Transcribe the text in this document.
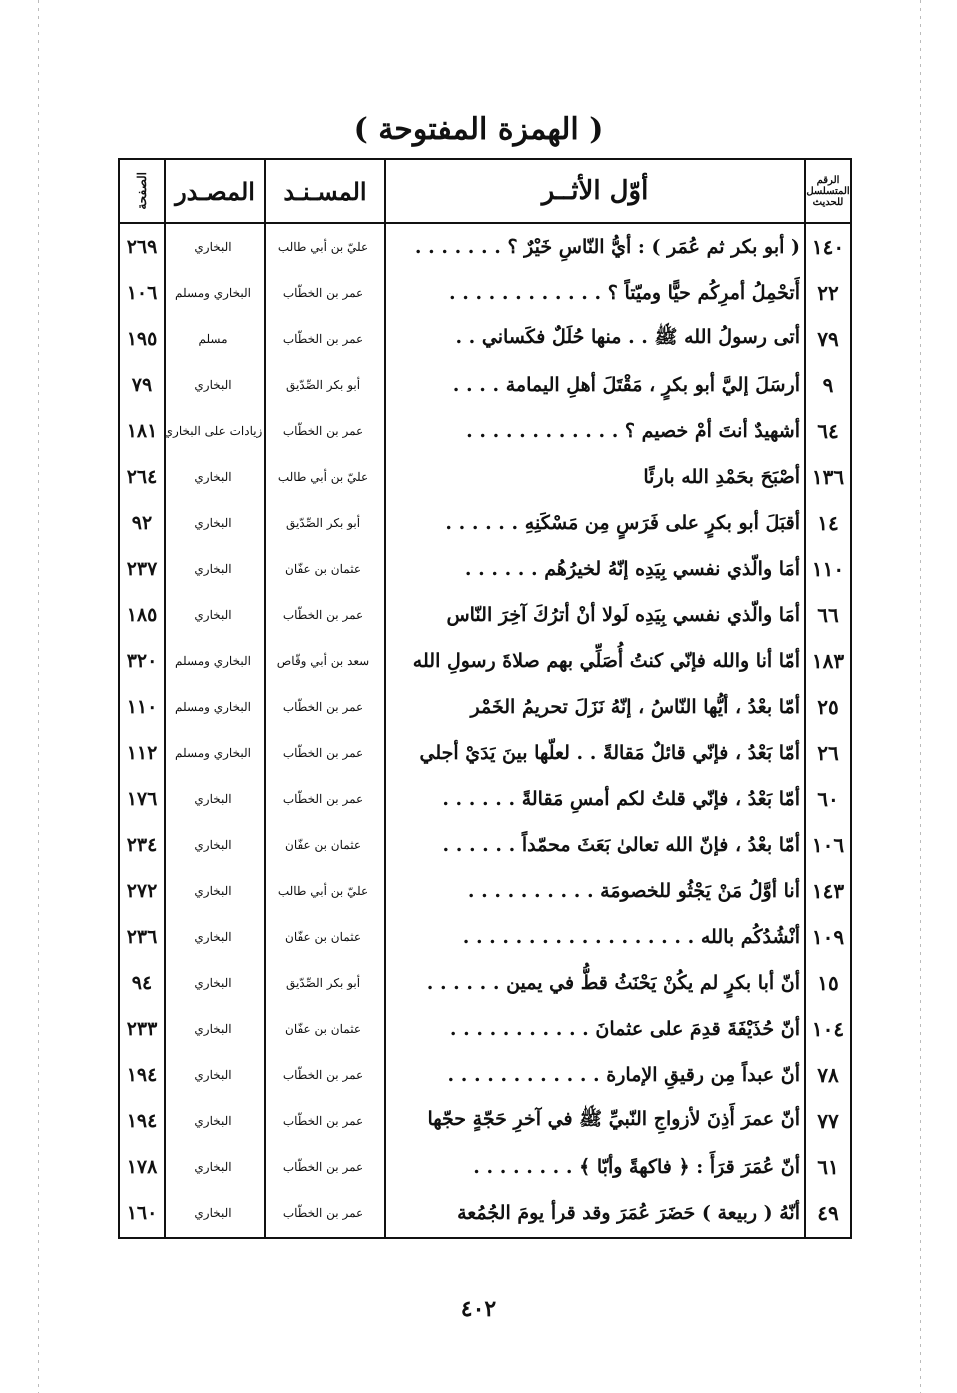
( الهمزة المفتوحة )
الرقم المتسلسل للحديث
أوّل الأثــر
المسـنـد
المصـدر
الصفحة
١٤٠
( أبو بكر ثم عُمَر ) : أيُّ النّاسِ خَيْرٌ ؟ . . . . . . .
عليّ بن أبي طالب
البخاري
٢٦٩
٢٢
أَتحْمِلُ أمرِكُم حيًّا وميّتاً ؟ . . . . . . . . . . . .
عمر بن الخطّاب
البخاري ومسلم
١٠٦
٧٩
أتى رسولُ الله ﷺ . . منها حُلَلٌ فكَساني . .
عمر بن الخطّاب
مسلم
١٩٥
٩
أرسَلَ إليَّ أبو بكرٍ ، مَقْتَلَ أهلِ اليمامة . . . .
أبو بكر الصِّدّيق
البخاري
٧٩
٦٤
أشهيدٌ أنتَ أمْ خصيم ؟ . . . . . . . . . . . .
عمر بن الخطّاب
زيادات على البخاري
١٨١
١٣٦
أصْبَحَ بحَمْدِ الله بارئًا
عليّ بن أبي طالب
البخاري
٢٦٤
١٤
أقبَلَ أبو بكرٍ على فَرَسٍ مِن مَسْكَنِهِ . . . . . .
أبو بكر الصِّدّيق
البخاري
٩٢
١١٠
أمَا والّذي نفسي بِيَدِه إنّهُ لخيرُهُم . . . . . .
عثمان بن عفّان
البخاري
٢٣٧
٦٦
أمَا والّذي نفسي بِيَدِه لَولا أنْ أترُكَ آخِرَ النّاس
عمر بن الخطّاب
البخاري
١٨٥
١٨٣
أمّا أنا والله فإنّي كنتُ أُصَلِّي بهم صلاةَ رسولِ الله
سعد بن أبي وقّاص
البخاري ومسلم
٣٢٠
٢٥
أمّا بعْدُ ، أيُّها النّاسُ ، إنّهُ نَزَلَ تحريمُ الخَمْر
عمر بن الخطّاب
البخاري ومسلم
١١٠
٢٦
أمّا بَعْدُ ، فإنّي قائلٌ مَقالةً . . لعلّها بينَ يَدَيْ أجلي
عمر بن الخطّاب
البخاري ومسلم
١١٢
٦٠
أمّا بَعْدُ ، فإنّي قلتُ لكم أمسِ مَقالةً . . . . . .
عمر بن الخطّاب
البخاري
١٧٦
١٠٦
أمّا بعْدُ ، فإنّ الله تعالىٰ بَعَثَ محمّداً . . . . . .
عثمان بن عفّان
البخاري
٢٣٤
١٤٣
أنا أوَّلُ مَنْ يَجْثُو للخصومَة . . . . . . . . . .
عليّ بن أبي طالب
البخاري
٢٧٢
١٠٩
أنْشُدُكُم بالله . . . . . . . . . . . . . . . . . .
عثمان بن عفّان
البخاري
٢٣٦
١٥
أنّ أبا بكرٍ لم يكُنْ يَحْنَثُ قطُّ في يمين . . . . . .
أبو بكر الصِّدّيق
البخاري
٩٤
١٠٤
أنّ حُذَيْفَةَ قدِمَ على عثمانَ . . . . . . . . . . .
عثمان بن عفّان
البخاري
٢٣٣
٧٨
أنّ عبداً مِن رقيقِ الإمارة . . . . . . . . . . . .
عمر بن الخطّاب
البخاري
١٩٤
٧٧
أنّ عمرَ أَذِنَ لأزواجِ النّبيِّ ﷺ في آخرِ حَجّةٍ حجّها
عمر بن الخطّاب
البخاري
١٩٤
٦١
أنّ عُمَرَ قرَأَ : ﴿ فاكهةً وأبّا ﴾ . . . . . . . .
عمر بن الخطّاب
البخاري
١٧٨
٤٩
أنّهُ ( ربيعة ) حَضَرَ عُمَرَ وقد قرأ يومَ الجُمُعة
عمر بن الخطّاب
البخاري
١٦٠
٤٠٢
